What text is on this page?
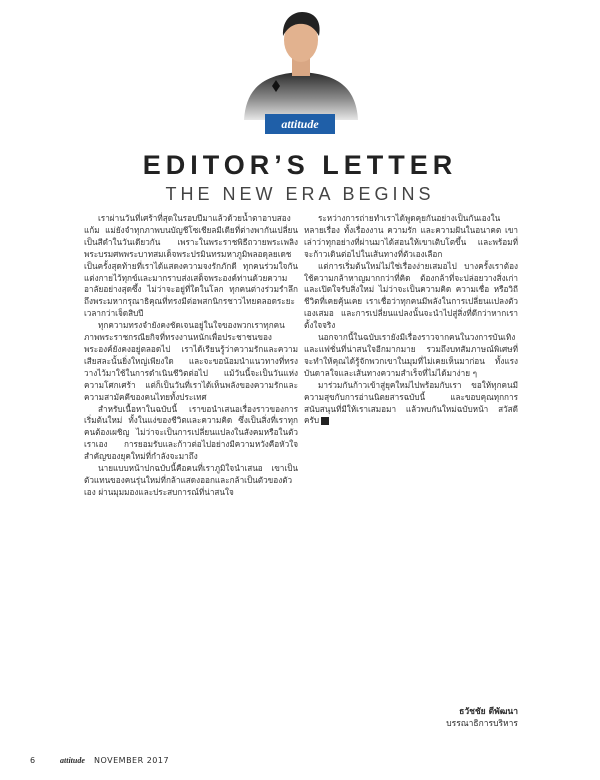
attitude
EDITOR’S LETTER
THE NEW ERA BEGINS

เราผ่านวันที่เศร้าที่สุดในรอบปีมาแล้วด้วยน้ำตาอาบสองแก้ม แม่ยังจำทุกภาพบนบัญชีโซเชียลมีเดียที่ต่างพากันเปลี่ยนเป็นสีดำในวันเดียวกัน เพราะในพระราชพิธีถวายพระเพลิงพระบรมศพพระบาทสมเด็จพระปรมินทรมหาภูมิพลอดุลยเดช เป็นครั้งสุดท้ายที่เราได้แสดงความจงรักภักดี ทุกคนร่วมใจกันแต่งกายไว้ทุกข์และมากราบส่งเสด็จพระองค์ท่านด้วยความอาลัยอย่างสุดซึ้ง ไม่ว่าจะอยู่ที่ใดในโลก ทุกคนต่างร่วมรำลึกถึงพระมหากรุณาธิคุณที่ทรงมีต่อพสกนิกรชาวไทยตลอดระยะเวลากว่าเจ็ดสิบปี

ทุกความทรงจำยังคงชัดเจนอยู่ในใจของพวกเราทุกคน ภาพพระราชกรณียกิจที่ทรงงานหนักเพื่อประชาชนของพระองค์ยังคงอยู่ตลอดไป เราได้เรียนรู้ว่าความรักและความเสียสละนั้นยิ่งใหญ่เพียงใด และจะขอน้อมนำแนวทางที่ทรงวางไว้มาใช้ในการดำเนินชีวิตต่อไป แม้วันนี้จะเป็นวันแห่งความโศกเศร้า แต่ก็เป็นวันที่เราได้เห็นพลังของความรักและความสามัคคีของคนไทยทั้งประเทศ

สำหรับเนื้อหาในฉบับนี้ เราขอนำเสนอเรื่องราวของการเริ่มต้นใหม่ ทั้งในแง่ของชีวิตและความคิด ซึ่งเป็นสิ่งที่เราทุกคนต้องเผชิญ ไม่ว่าจะเป็นการเปลี่ยนแปลงในสังคมหรือในตัวเราเอง การยอมรับและก้าวต่อไปอย่างมีความหวังคือหัวใจสำคัญของยุคใหม่ที่กำลังจะมาถึง

นายแบบหน้าปกฉบับนี้คือคนที่เราภูมิใจนำเสนอ เขาเป็นตัวแทนของคนรุ่นใหม่ที่กล้าแสดงออกและกล้าเป็นตัวของตัวเอง ผ่านมุมมองและประสบการณ์ที่น่าสนใจ

ระหว่างการถ่ายทำเราได้พูดคุยกันอย่างเป็นกันเองในหลายเรื่อง ทั้งเรื่องงาน ความรัก และความฝันในอนาคต เขาเล่าว่าทุกอย่างที่ผ่านมาได้สอนให้เขาเติบโตขึ้น และพร้อมที่จะก้าวเดินต่อไปในเส้นทางที่ตัวเองเลือก

แต่การเริ่มต้นใหม่ไม่ใช่เรื่องง่ายเสมอไป บางครั้งเราต้องใช้ความกล้าหาญมากกว่าที่คิด ต้องกล้าที่จะปล่อยวางสิ่งเก่าและเปิดใจรับสิ่งใหม่ ไม่ว่าจะเป็นความคิด ความเชื่อ หรือวิถีชีวิตที่เคยคุ้นเคย เราเชื่อว่าทุกคนมีพลังในการเปลี่ยนแปลงตัวเองเสมอ และการเปลี่ยนแปลงนั้นจะนำไปสู่สิ่งที่ดีกว่าหากเราตั้งใจจริง

นอกจากนี้ในฉบับเรายังมีเรื่องราวจากคนในวงการบันเทิงและแฟชั่นที่น่าสนใจอีกมากมาย รวมถึงบทสัมภาษณ์พิเศษที่จะทำให้คุณได้รู้จักพวกเขาในมุมที่ไม่เคยเห็นมาก่อน ทั้งแรงบันดาลใจและเส้นทางความสำเร็จที่ไม่ได้มาง่าย ๆ

มาร่วมกันก้าวเข้าสู่ยุคใหม่ไปพร้อมกับเรา ขอให้ทุกคนมีความสุขกับการอ่านนิตยสารฉบับนี้ และขอบคุณทุกการสนับสนุนที่มีให้เราเสมอมา แล้วพบกันใหม่ฉบับหน้า สวัสดีครับ	a

ธวัชชัย ดีพัฒนา
บรรณาธิการบริหาร
6	attitude NOVEMBER 2017
